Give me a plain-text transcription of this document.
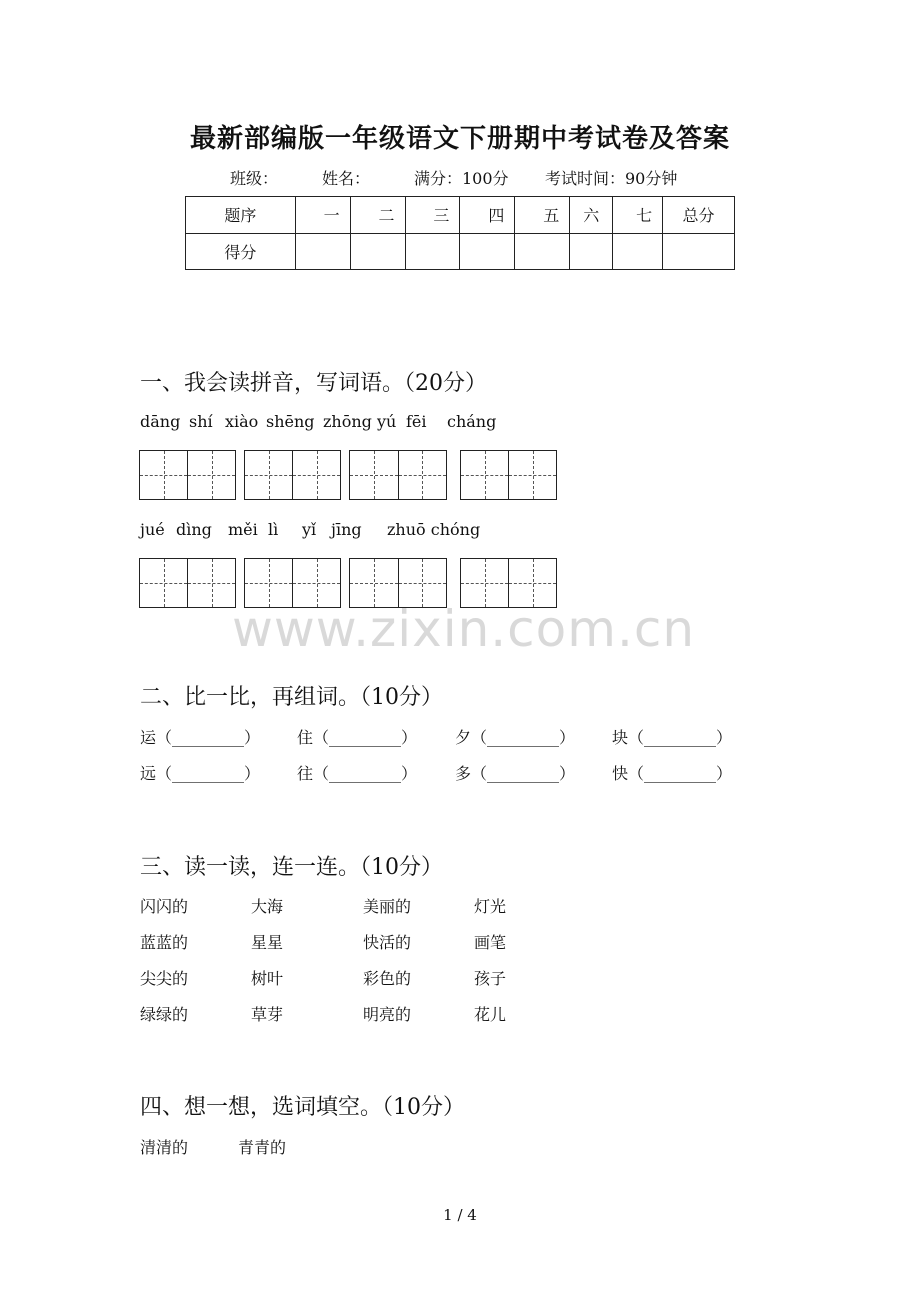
最新部编版一年级语文下册期中考试卷及答案
班级：	姓名：	满分：100分 考试时间：90分钟
题序	一	二	三	四	五	六	七	总分
得分								
一、我会读拼音，写词语。（20分）
dāng shí xiào shēng zhōng yú fēi cháng
jué dìng měi lì yǐ jīng zhuō chóng
www.zixin.com.cn
二、比一比，再组词。（10分）
运（_________） 住（_________） 夕（_________） 块（_________）
远（_________） 往（_________） 多（_________） 快（_________）
三、读一读，连一连。（10分）
闪闪的	大海	美丽的	灯光
蓝蓝的	星星	快活的	画笔
尖尖的	树叶	彩色的	孩子
绿绿的	草芽	明亮的	花儿
四、想一想，选词填空。（10分）
清清的	青青的
1 / 4
